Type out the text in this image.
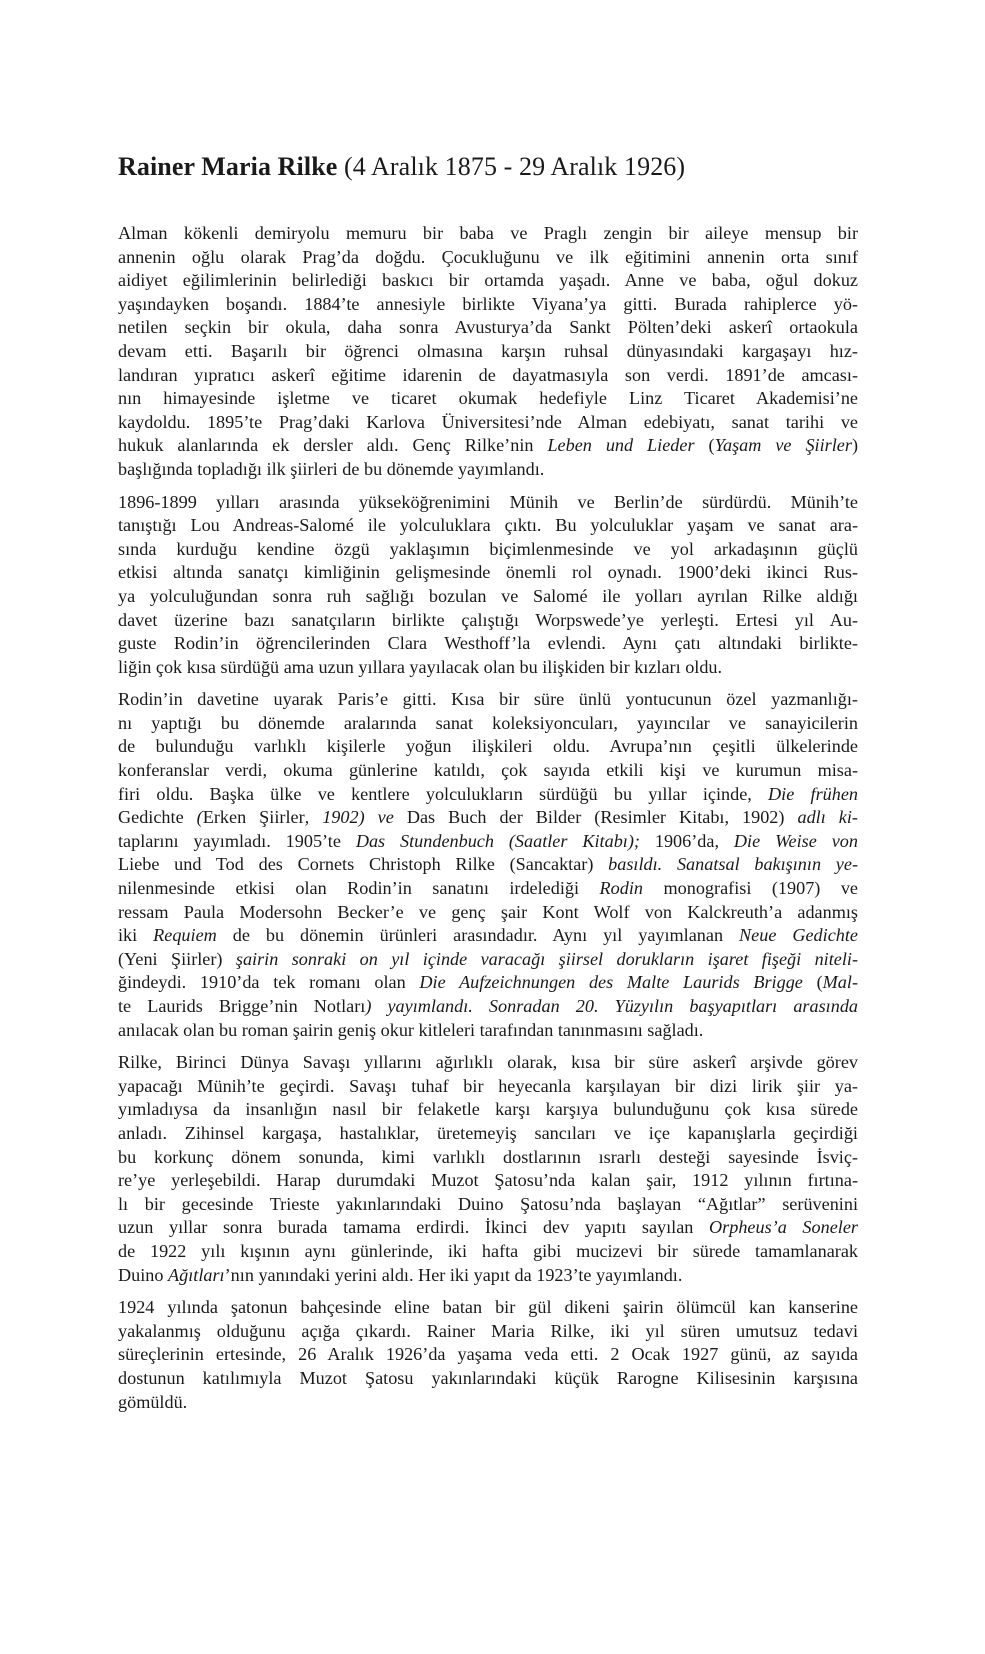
Rainer Maria Rilke (4 Aralık 1875 - 29 Aralık 1926)
Alman kökenli demiryolu memuru bir baba ve Praglı zengin bir aileye mensup bir
annenin oğlu olarak Prag’da doğdu. Çocukluğunu ve ilk eğitimini annenin orta sınıf
aidiyet eğilimlerinin belirlediği baskıcı bir ortamda yaşadı. Anne ve baba, oğul dokuz
yaşındayken boşandı. 1884’te annesiyle birlikte Viyana’ya gitti. Burada rahiplerce yö-
netilen seçkin bir okula, daha sonra Avusturya’da Sankt Pölten’deki askerî ortaokula
devam etti. Başarılı bir öğrenci olmasına karşın ruhsal dünyasındaki kargaşayı hız-
landıran yıpratıcı askerî eğitime idarenin de dayatmasıyla son verdi. 1891’de amcası-
nın himayesinde işletme ve ticaret okumak hedefiyle Linz Ticaret Akademisi’ne
kaydoldu. 1895’te Prag’daki Karlova Üniversitesi’nde Alman edebiyatı, sanat tarihi ve
hukuk alanlarında ek dersler aldı. Genç Rilke’nin Leben und Lieder (Yaşam ve Şiirler)
başlığında topladığı ilk şiirleri de bu dönemde yayımlandı.
1896-1899 yılları arasında yükseköğrenimini Münih ve Berlin’de sürdürdü. Münih’te
tanıştığı Lou Andreas-Salomé ile yolculuklara çıktı. Bu yolculuklar yaşam ve sanat ara-
sında kurduğu kendine özgü yaklaşımın biçimlenmesinde ve yol arkadaşının güçlü
etkisi altında sanatçı kimliğinin gelişmesinde önemli rol oynadı. 1900’deki ikinci Rus-
ya yolculuğundan sonra ruh sağlığı bozulan ve Salomé ile yolları ayrılan Rilke aldığı
davet üzerine bazı sanatçıların birlikte çalıştığı Worpswede’ye yerleşti. Ertesi yıl Au-
guste Rodin’in öğrencilerinden Clara Westhoff’la evlendi. Aynı çatı altındaki birlikte-
liğin çok kısa sürdüğü ama uzun yıllara yayılacak olan bu ilişkiden bir kızları oldu.
Rodin’in davetine uyarak Paris’e gitti. Kısa bir süre ünlü yontucunun özel yazmanlığı-
nı yaptığı bu dönemde aralarında sanat koleksiyoncuları, yayıncılar ve sanayicilerin
de bulunduğu varlıklı kişilerle yoğun ilişkileri oldu. Avrupa’nın çeşitli ülkelerinde
konferanslar verdi, okuma günlerine katıldı, çok sayıda etkili kişi ve kurumun misa-
firi oldu. Başka ülke ve kentlere yolculukların sürdüğü bu yıllar içinde, Die frühen
Gedichte (Erken Şiirler, 1902) ve Das Buch der Bilder (Resimler Kitabı, 1902) adlı ki-
taplarını yayımladı. 1905’te Das Stundenbuch (Saatler Kitabı); 1906’da, Die Weise von
Liebe und Tod des Cornets Christoph Rilke (Sancaktar) basıldı. Sanatsal bakışının ye-
nilenmesinde etkisi olan Rodin’in sanatını irdelediği Rodin monografisi (1907) ve
ressam Paula Modersohn Becker’e ve genç şair Kont Wolf von Kalckreuth’a adanmış
iki Requiem de bu dönemin ürünleri arasındadır. Aynı yıl yayımlanan Neue Gedichte
(Yeni Şiirler) şairin sonraki on yıl içinde varacağı şiirsel dorukların işaret fişeği niteli-
ğindeydi. 1910’da tek romanı olan Die Aufzeichnungen des Malte Laurids Brigge (Mal-
te Laurids Brigge’nin Notları) yayımlandı. Sonradan 20. Yüzyılın başyapıtları arasında
anılacak olan bu roman şairin geniş okur kitleleri tarafından tanınmasını sağladı.
Rilke, Birinci Dünya Savaşı yıllarını ağırlıklı olarak, kısa bir süre askerî arşivde görev
yapacağı Münih’te geçirdi. Savaşı tuhaf bir heyecanla karşılayan bir dizi lirik şiir ya-
yımladıysa da insanlığın nasıl bir felaketle karşı karşıya bulunduğunu çok kısa sürede
anladı. Zihinsel kargaşa, hastalıklar, üretemeyiş sancıları ve içe kapanışlarla geçirdiği
bu korkunç dönem sonunda, kimi varlıklı dostlarının ısrarlı desteği sayesinde İsviç-
re’ye yerleşebildi. Harap durumdaki Muzot Şatosu’nda kalan şair, 1912 yılının fırtına-
lı bir gecesinde Trieste yakınlarındaki Duino Şatosu’nda başlayan “Ağıtlar” serüvenini
uzun yıllar sonra burada tamama erdirdi. İkinci dev yapıtı sayılan Orpheus’a Soneler
de 1922 yılı kışının aynı günlerinde, iki hafta gibi mucizevi bir sürede tamamlanarak
Duino Ağıtları’nın yanındaki yerini aldı. Her iki yapıt da 1923’te yayımlandı.
1924 yılında şatonun bahçesinde eline batan bir gül dikeni şairin ölümcül kan kanserine
yakalanmış olduğunu açığa çıkardı. Rainer Maria Rilke, iki yıl süren umutsuz tedavi
süreçlerinin ertesinde, 26 Aralık 1926’da yaşama veda etti. 2 Ocak 1927 günü, az sayıda
dostunun katılımıyla Muzot Şatosu yakınlarındaki küçük Rarogne Kilisesinin karşısına
gömüldü.
